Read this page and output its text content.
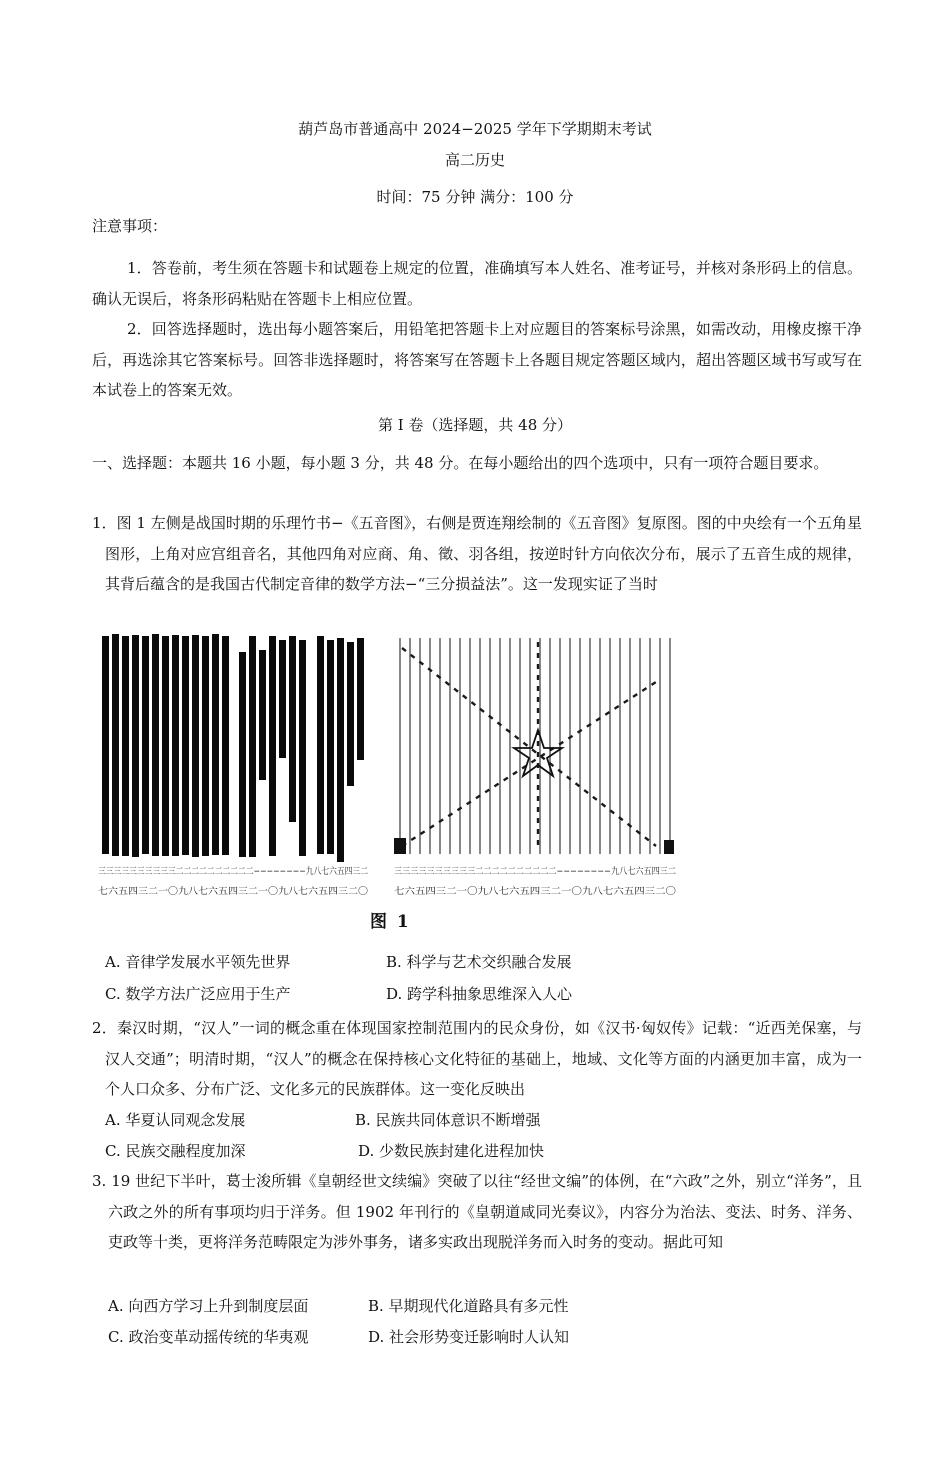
葫芦岛市普通高中 2024−2025 学年下学期期末考试
高二历史
时间：75 分钟 满分：100 分
注意事项：
1．答卷前，考生须在答题卡和试题卷上规定的位置，准确填写本人姓名、准考证号，并核对条形码上的信息。确认无误后，将条形码粘贴在答题卡上相应位置。
2．回答选择题时，选出每小题答案后，用铅笔把答题卡上对应题目的答案标号涂黑，如需改动，用橡皮擦干净后，再选涂其它答案标号。回答非选择题时，将答案写在答题卡上各题目规定答题区域内，超出答题区域书写或写在本试卷上的答案无效。
第 I 卷（选择题，共 48 分）
一、选择题：本题共 16 小题，每小题 3 分，共 48 分。在每小题给出的四个选项中，只有一项符合题目要求。
1．图 1 左侧是战国时期的乐理竹书−《五音图》，右侧是贾连翔绘制的《五音图》复原图。图的中央绘有一个五角星图形，上角对应宫组音名，其他四角对应商、角、徵、羽各组，按逆时针方向依次分布，展示了五音生成的规律，其背后蕴含的是我国古代制定音律的数学方法−“三分损益法”。这一发现实证了当时
三三三三三三三三三三二二二二二二二二二二−−−−−−−−九八七六五四三二
七六五四三二一〇九八七六五四三二一〇九八七六五四三二〇
三三三三三三三三三三二二二二二二二二二二−−−−−−−−九八七六五四三二
七六五四三二一〇九八七六五四三二一〇九八七六五四三二〇
图 1
A. 音律学发展水平领先世界	B. 科学与艺术交织融合发展
C. 数学方法广泛应用于生产	D. 跨学科抽象思维深入人心
2．秦汉时期，“汉人”一词的概念重在体现国家控制范围内的民众身份，如《汉书·匈奴传》记载：“近西羌保塞，与汉人交通”；明清时期，“汉人”的概念在保持核心文化特征的基础上，地域、文化等方面的内涵更加丰富，成为一个人口众多、分布广泛、文化多元的民族群体。这一变化反映出
A. 华夏认同观念发展	B. 民族共同体意识不断增强
C. 民族交融程度加深	D. 少数民族封建化进程加快
3. 19 世纪下半叶，葛士浚所辑《皇朝经世文续编》突破了以往“经世文编”的体例，在“六政”之外，别立“洋务”，且六政之外的所有事项均归于洋务。但 1902 年刊行的《皇朝道咸同光奏议》，内容分为治法、变法、时务、洋务、吏政等十类，更将洋务范畴限定为涉外事务，诸多实政出现脱洋务而入时务的变动。据此可知
A. 向西方学习上升到制度层面	B. 早期现代化道路具有多元性
C. 政治变革动摇传统的华夷观	D. 社会形势变迁影响时人认知
